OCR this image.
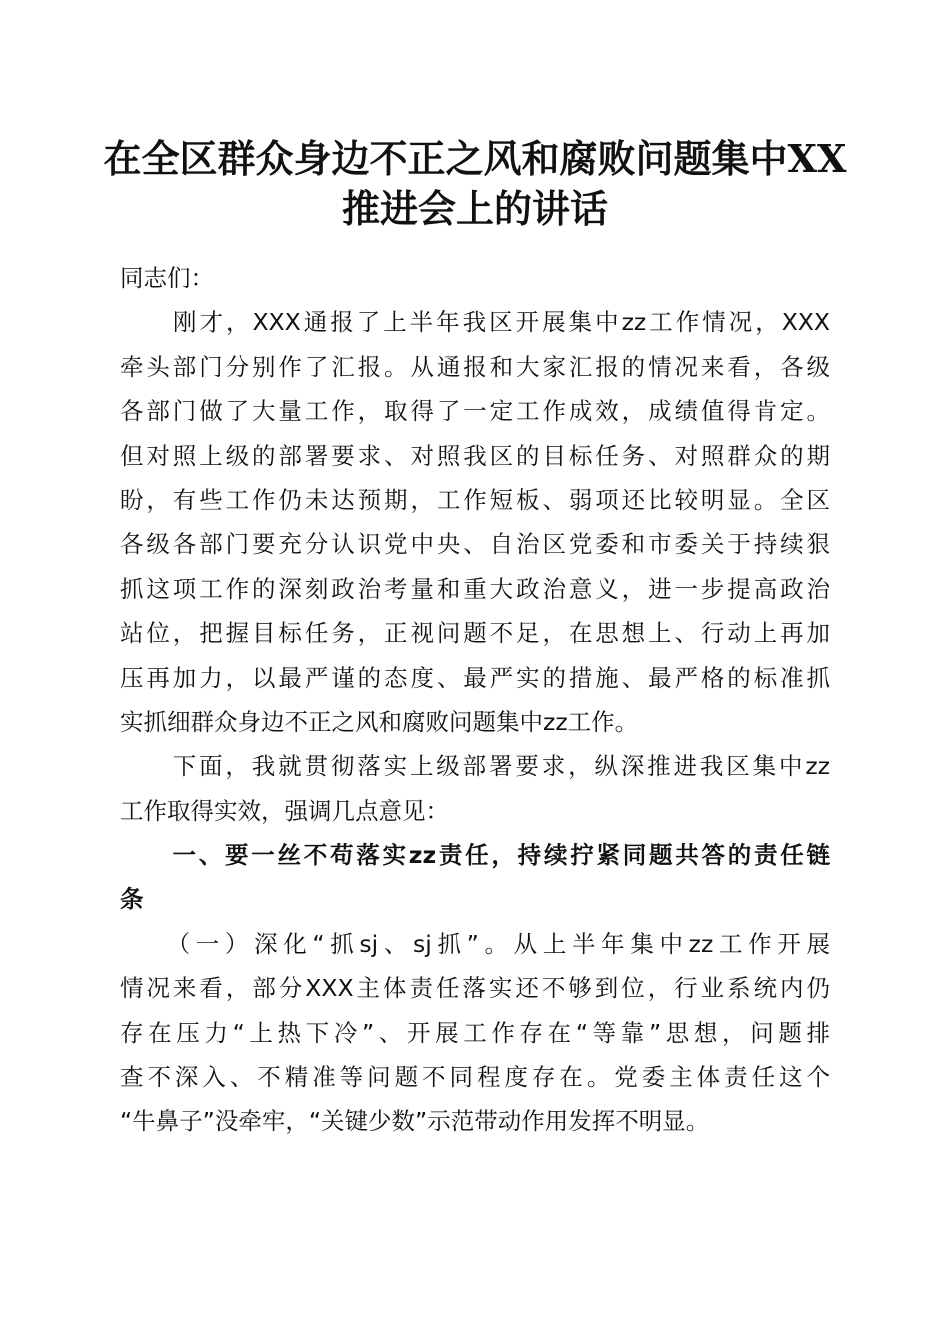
在全区群众身边不正之风和腐败问题集中XX
推进会上的讲话

同志们：

　　刚才，XXX通报了上半年我区开展集中zz工作情况，XXX
牵头部门分别作了汇报。从通报和大家汇报的情况来看，各级
各部门做了大量工作，取得了一定工作成效，成绩值得肯定。
但对照上级的部署要求、对照我区的目标任务、对照群众的期
盼，有些工作仍未达预期，工作短板、弱项还比较明显。全区
各级各部门要充分认识党中央、自治区党委和市委关于持续狠
抓这项工作的深刻政治考量和重大政治意义，进一步提高政治
站位，把握目标任务，正视问题不足，在思想上、行动上再加
压再加力，以最严谨的态度、最严实的措施、最严格的标准抓
实抓细群众身边不正之风和腐败问题集中zz工作。

　　下面，我就贯彻落实上级部署要求，纵深推进我区集中zz
工作取得实效，强调几点意见：

　　一、要一丝不苟落实zz责任，持续拧紧同题共答的责任链
条

　　（一）深化“抓sj、sj抓”。从上半年集中zz工作开展
情况来看，部分XXX主体责任落实还不够到位，行业系统内仍
存在压力“上热下冷”、开展工作存在“等靠”思想，问题排
查不深入、不精准等问题不同程度存在。党委主体责任这个
“牛鼻子”没牵牢，“关键少数”示范带动作用发挥不明显。
